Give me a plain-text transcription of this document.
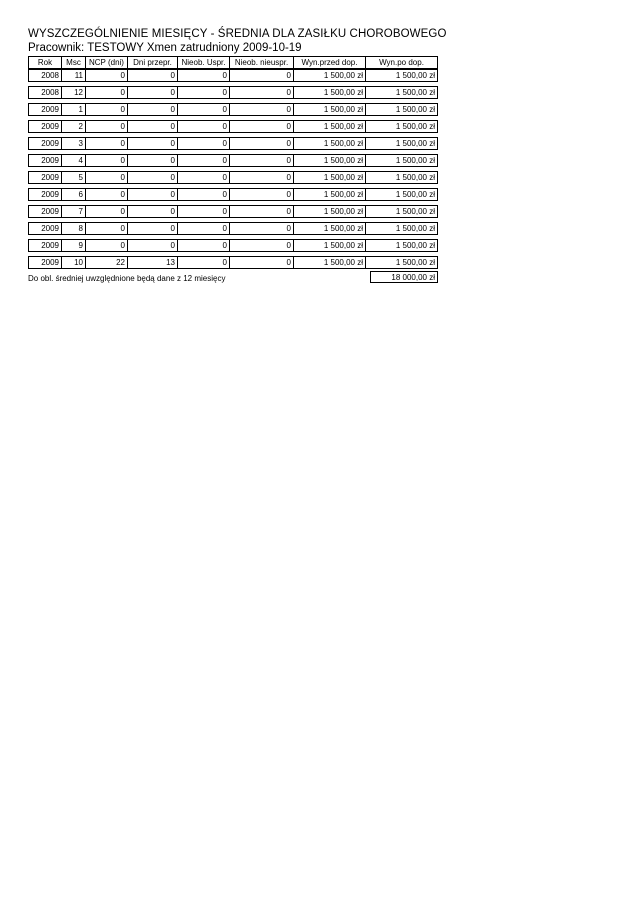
WYSZCZEGÓLNIENIE MIESIĘCY - ŚREDNIA DLA ZASIŁKU CHOROBOWEGO
Pracownik: TESTOWY Xmen zatrudniony 2009-10-19
Rok	Msc	NCP (dni)	Dni przepr.	Nieob. Uspr.	Nieob. nieuspr.	Wyn.przed dop.	Wyn.po dop.
2008	11	0	0	0	0	1 500,00 zł	1 500,00 zł

2008	12	0	0	0	0	1 500,00 zł	1 500,00 zł

2009	1	0	0	0	0	1 500,00 zł	1 500,00 zł

2009	2	0	0	0	0	1 500,00 zł	1 500,00 zł

2009	3	0	0	0	0	1 500,00 zł	1 500,00 zł

2009	4	0	0	0	0	1 500,00 zł	1 500,00 zł

2009	5	0	0	0	0	1 500,00 zł	1 500,00 zł

2009	6	0	0	0	0	1 500,00 zł	1 500,00 zł

2009	7	0	0	0	0	1 500,00 zł	1 500,00 zł

2009	8	0	0	0	0	1 500,00 zł	1 500,00 zł

2009	9	0	0	0	0	1 500,00 zł	1 500,00 zł

2009	10	22	13	0	0	1 500,00 zł	1 500,00 zł
Do obl. średniej uwzględnione będą dane z 12 miesięcy	18 000,00 zł
